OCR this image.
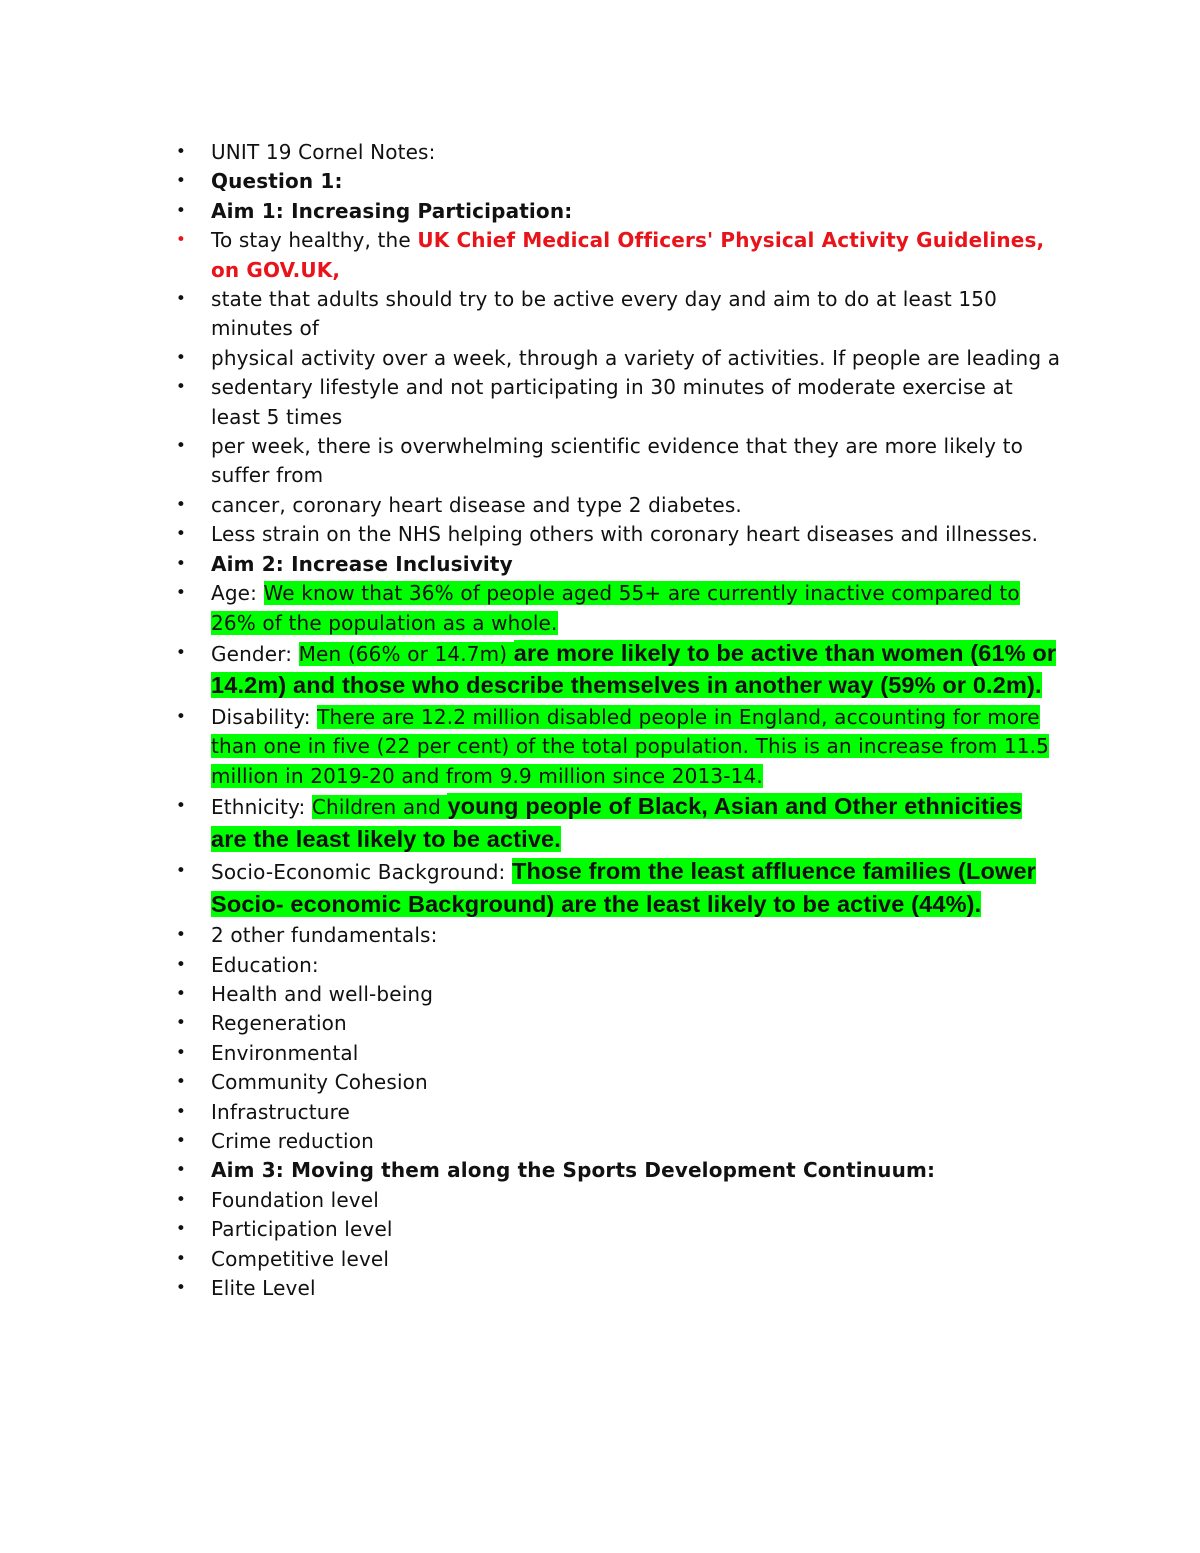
• UNIT 19 Cornel Notes:
• Question 1:
• Aim 1: Increasing Participation:
• To stay healthy, the UK Chief Medical Officers' Physical Activity Guidelines, on GOV.UK,
• state that adults should try to be active every day and aim to do at least 150 minutes of
• physical activity over a week, through a variety of activities. If people are leading a
• sedentary lifestyle and not participating in 30 minutes of moderate exercise at least 5 times
• per week, there is overwhelming scientific evidence that they are more likely to suffer from
• cancer, coronary heart disease and type 2 diabetes.
• Less strain on the NHS helping others with coronary heart diseases and illnesses.
• Aim 2: Increase Inclusivity
• Age: We know that 36% of people aged 55+ are currently inactive compared to 26% of the population as a whole.
• Gender: Men (66% or 14.7m) are more likely to be active than women (61% or 14.2m) and those who describe themselves in another way (59% or 0.2m).
• Disability: There are 12.2 million disabled people in England, accounting for more than one in five (22 per cent) of the total population. This is an increase from 11.5 million in 2019-20 and from 9.9 million since 2013-14.
• Ethnicity: Children and young people of Black, Asian and Other ethnicities are the least likely to be active.
• Socio-Economic Background: Those from the least affluence families (Lower Socio- economic Background) are the least likely to be active (44%).
• 2 other fundamentals:
• Education:
• Health and well-being
• Regeneration
• Environmental
• Community Cohesion
• Infrastructure
• Crime reduction
• Aim 3: Moving them along the Sports Development Continuum:
• Foundation level
• Participation level
• Competitive level
• Elite Level
